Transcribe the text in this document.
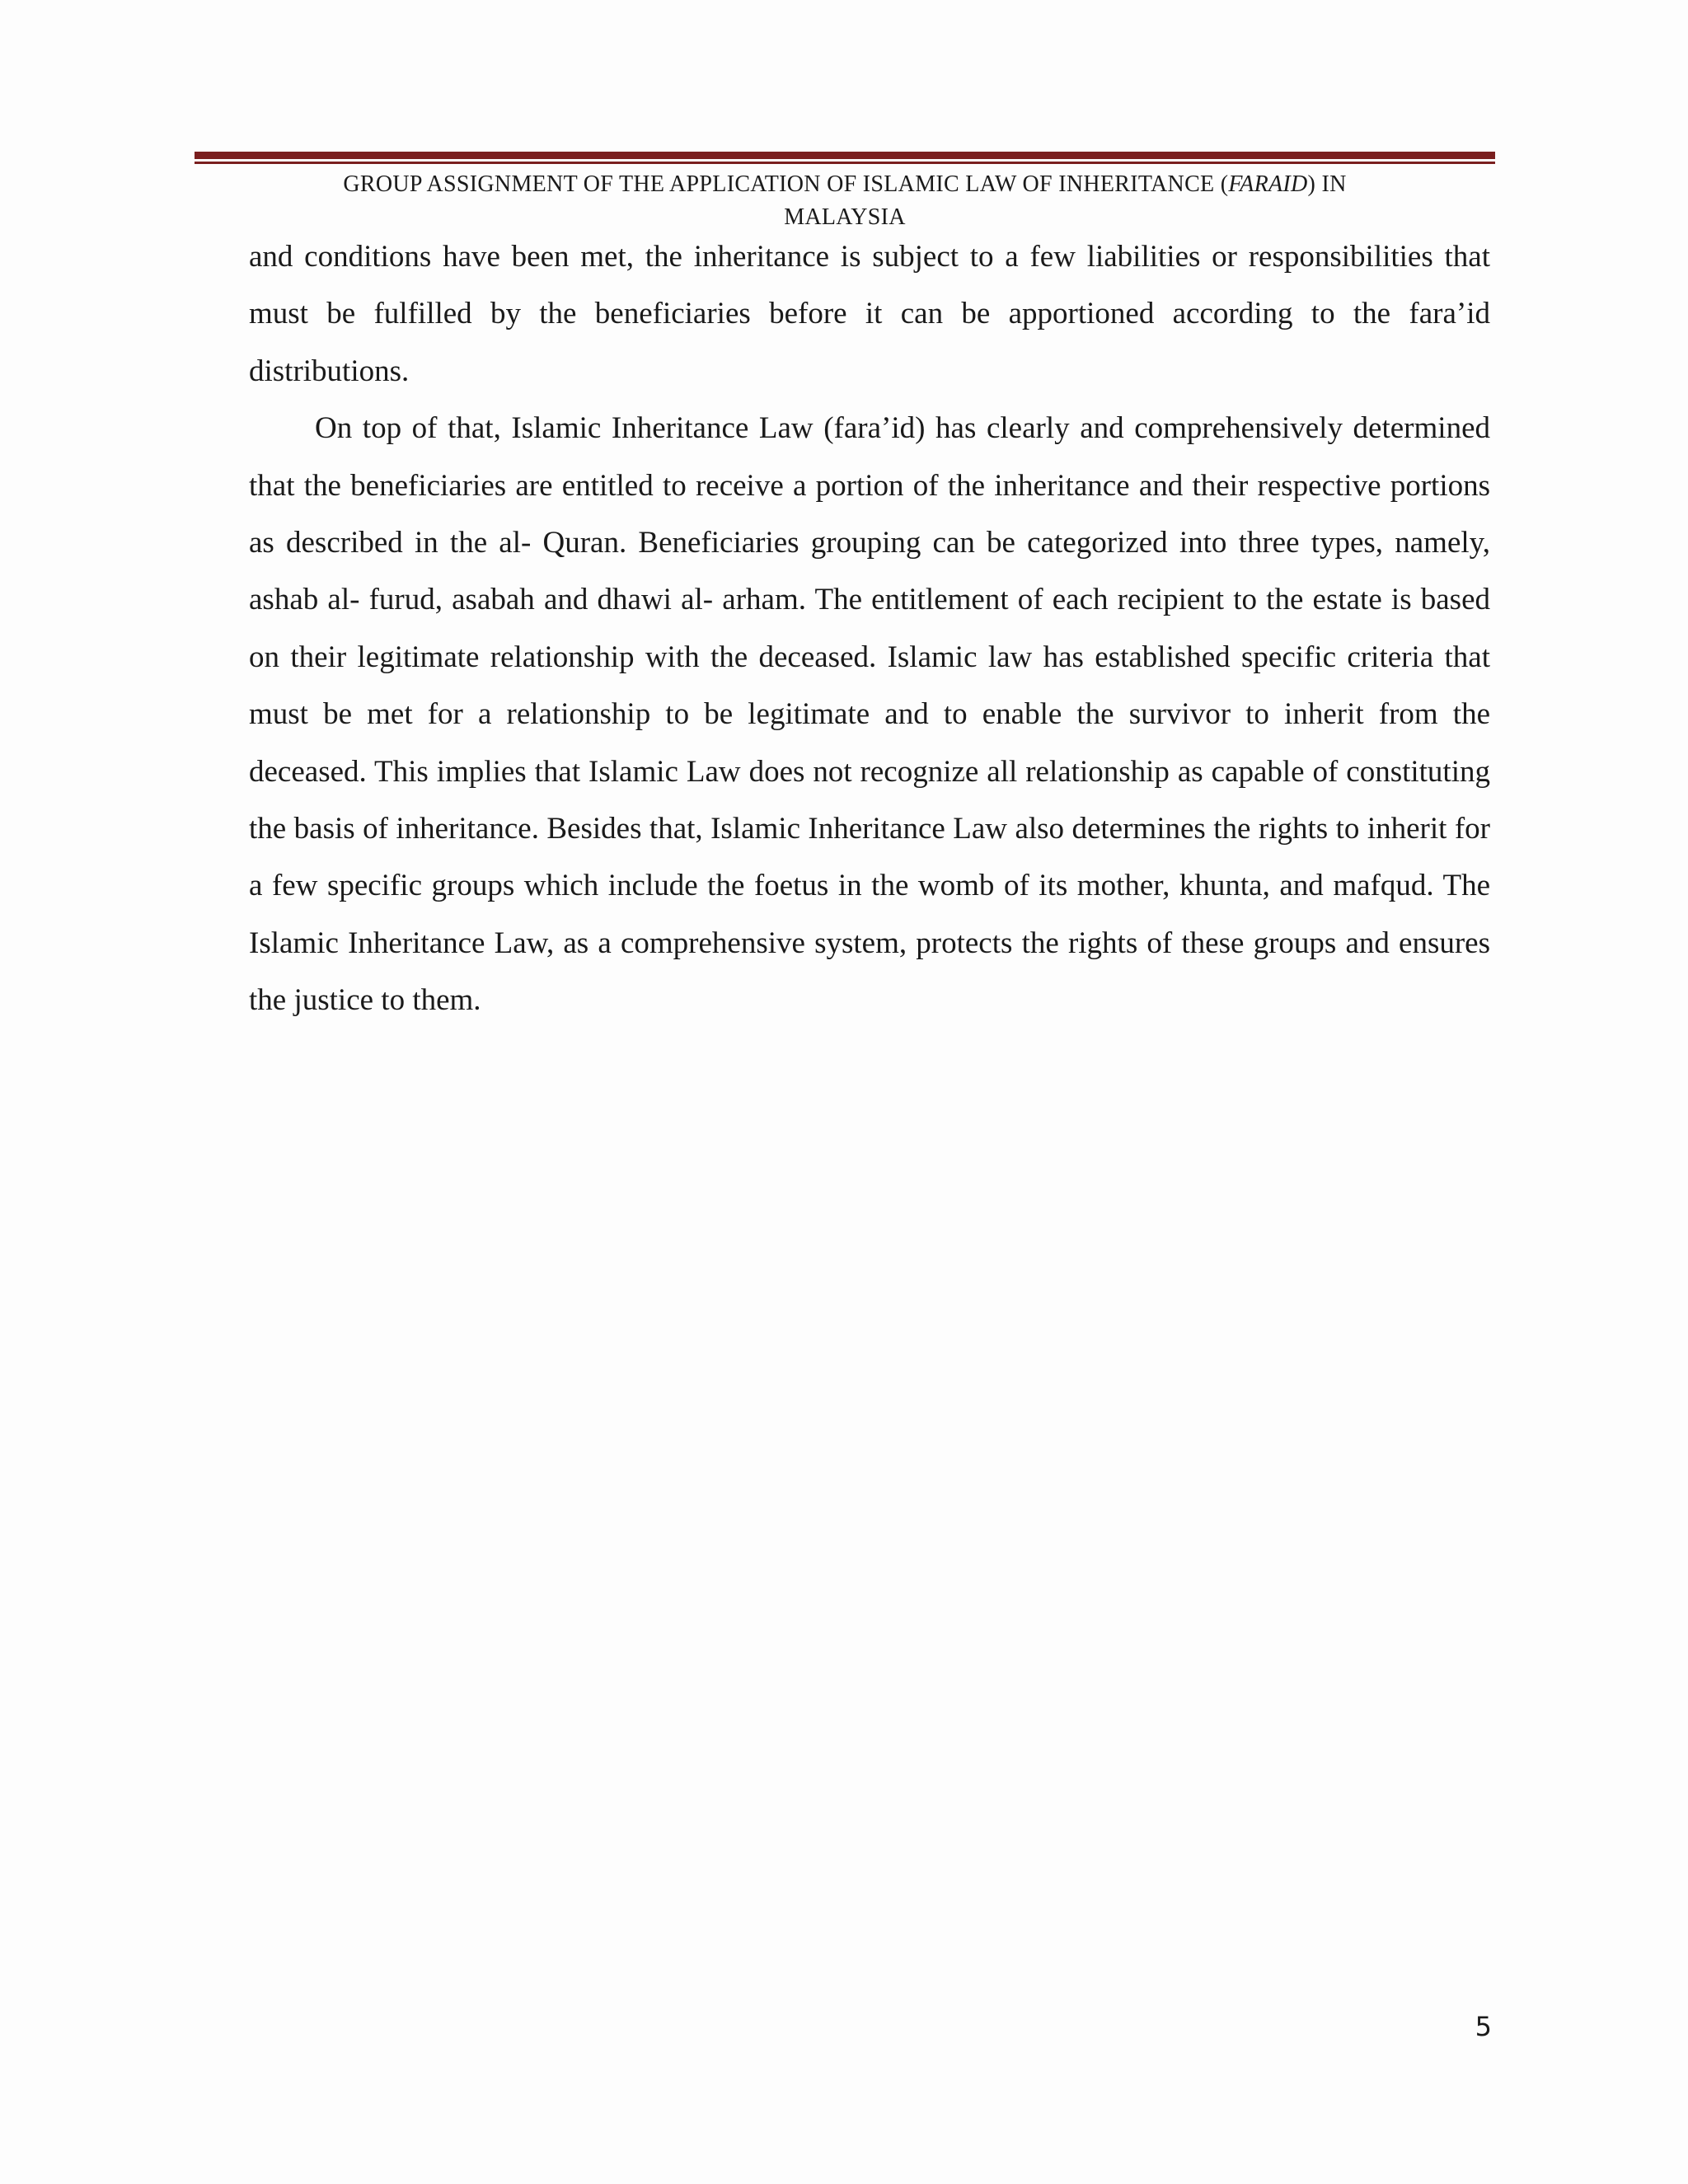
GROUP ASSIGNMENT OF THE APPLICATION OF ISLAMIC LAW OF INHERITANCE (FARAID) IN
MALAYSIA

and conditions have been met, the inheritance is subject to a few liabilities or responsibilities that must be fulfilled by the beneficiaries before it can be apportioned according to the fara’id distributions.

On top of that, Islamic Inheritance Law (fara’id) has clearly and comprehensively determined that the beneficiaries are entitled to receive a portion of the inheritance and their respective portions as described in the al- Quran. Beneficiaries grouping can be categorized into three types, namely, ashab al- furud, asabah and dhawi al- arham. The entitlement of each recipient to the estate is based on their legitimate relationship with the deceased. Islamic law has established specific criteria that must be met for a relationship to be legitimate and to enable the survivor to inherit from the deceased. This implies that Islamic Law does not recognize all relationship as capable of constituting the basis of inheritance. Besides that, Islamic Inheritance Law also determines the rights to inherit for a few specific groups which include the foetus in the womb of its mother, khunta, and mafqud. The Islamic Inheritance Law, as a comprehensive system, protects the rights of these groups and ensures the justice to them.

5
